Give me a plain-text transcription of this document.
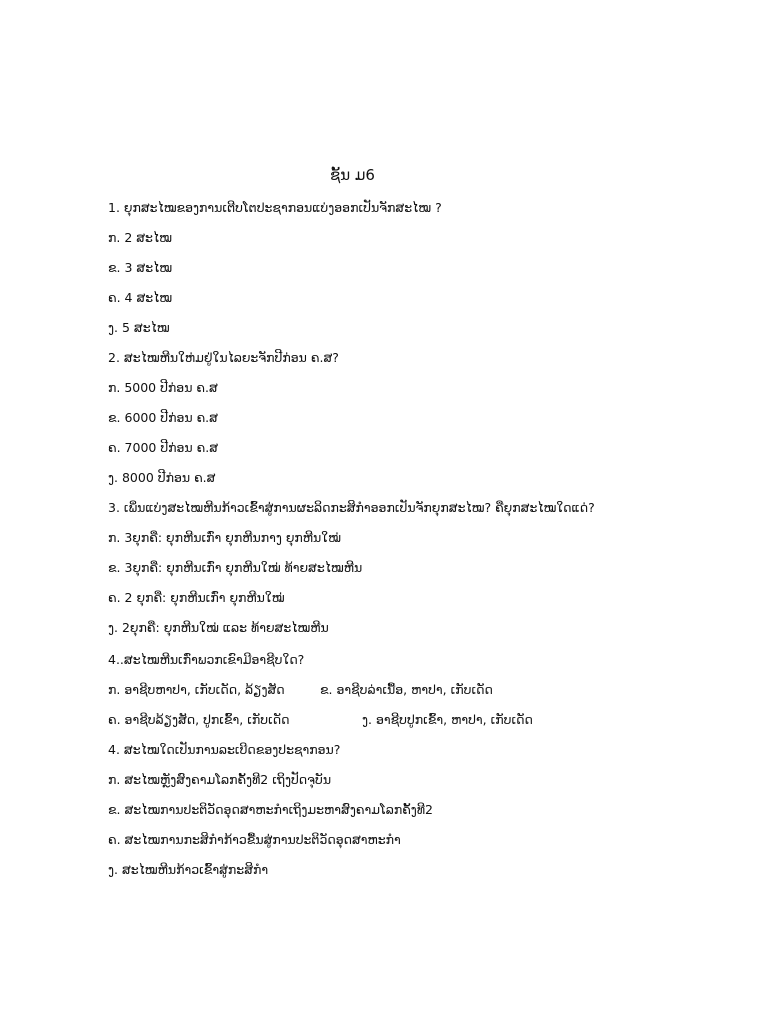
ຊັ້ນ ມ6
1. ຍຸກສະໄໝຂອງການເຕີບໂຕປະຊາກອນແບ່ງອອກເປັນຈັກສະໄໝ ?
ກ. 2 ສະໄໝ
ຂ. 3 ສະໄໝ
ຄ. 4 ສະໄໝ
ງ. 5 ສະໄໝ
2. ສະໄໝຫີນໃຫ່ມຢູ່ໃນໄລຍະຈັກປີກ່ອນ ຄ.ສ?
ກ. 5000 ປີກ່ອນ ຄ.ສ
ຂ. 6000 ປີກ່ອນ ຄ.ສ
ຄ. 7000 ປີກ່ອນ ຄ.ສ
ງ. 8000 ປີກ່ອນ ຄ.ສ
3. ເພິ່ນແບ່ງສະໄໝຫີນກ້າວເຂົ້າສູ່ການຜະລິດກະສິກຳອອກເປັນຈັກຍຸກສະໄໝ? ຄືຍຸກສະໄໝໃດແດ່?
ກ. 3ຍຸກຄື: ຍຸກຫີນເກົ່າ ຍຸກຫີນກາງ ຍຸກຫີນໃໝ່
ຂ. 3ຍຸກຄື: ຍຸກຫີນເກົ່າ ຍຸກຫີນໃໝ່ ທ້າຍສະໄໝຫີນ
ຄ. 2 ຍຸກຄື: ຍຸກຫີນເກົ່າ ຍຸກຫີນໃໝ່
ງ. 2ຍຸກຄື: ຍຸກຫີນໃໝ່ ແລະ ທ້າຍສະໄໝຫີນ
4..ສະໄໝຫີນເກົ່າພວກເຂົາມີອາຊີບໃດ?
ກ. ອາຊີບຫາປາ, ເກັບເດັດ, ລ້ຽງສັດ	ຂ. ອາຊີບລ່າເນື້ອ, ຫາປາ, ເກັບເດັດ
ຄ. ອາຊີບລ້ຽງສັດ, ປູກເຂົ້າ, ເກັບເດັດ	ງ. ອາຊີບປູກເຂົ້າ, ຫາປາ, ເກັບເດັດ
4. ສະໄໝໃດເປັນການລະເບີດຂອງປະຊາກອນ?
ກ. ສະໄໝຫຼັງສົງຄາມໂລກຄັ້ງທີ2 ເຖິງປັດຈຸບັນ
ຂ. ສະໄໝການປະຕິວັດອຸດສາຫະກຳເຖິງມະຫາສົງຄາມໂລກຄັ້ງທີ2
ຄ. ສະໄໝການກະສິກຳກ້າວຂື້ນສູ່ການປະຕິວັດອຸດສາຫະກຳ
ງ. ສະໄໝຫີນກ້າວເຂົ້າສູ່ກະສິກຳ
